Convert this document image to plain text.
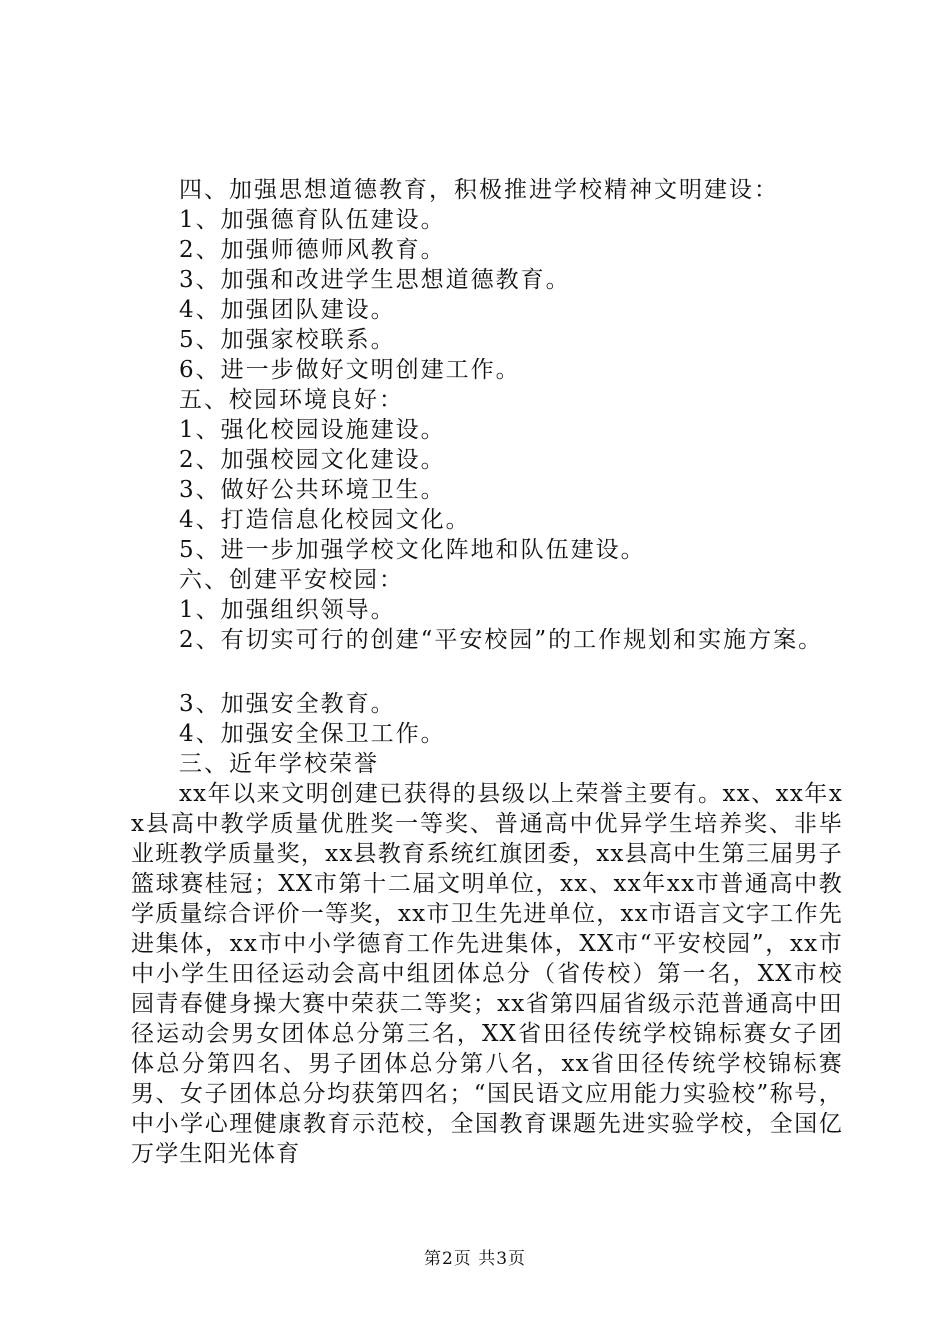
四、加强思想道德教育，积极推进学校精神文明建设：
1、加强德育队伍建设。
2、加强师德师风教育。
3、加强和改进学生思想道德教育。
4、加强团队建设。
5、加强家校联系。
6、进一步做好文明创建工作。
五、校园环境良好：
1、强化校园设施建设。
2、加强校园文化建设。
3、做好公共环境卫生。
4、打造信息化校园文化。
5、进一步加强学校文化阵地和队伍建设。
六、创建平安校园：
1、加强组织领导。
2、有切实可行的创建“平安校园”的工作规划和实施方案。
3、加强安全教育。
4、加强安全保卫工作。
三、近年学校荣誉

xx年以来文明创建已获得的县级以上荣誉主要有。xx、xx年xx县高中教学质量优胜奖一等奖、普通高中优异学生培养奖、非毕业班教学质量奖，xx县教育系统红旗团委，xx县高中生第三届男子篮球赛桂冠；XX市第十二届文明单位，xx、xx年xx市普通高中教学质量综合评价一等奖，xx市卫生先进单位，xx市语言文字工作先进集体，xx市中小学德育工作先进集体，XX市“平安校园”，xx市中小学生田径运动会高中组团体总分（省传校）第一名，XX市校园青春健身操大赛中荣获二等奖；xx省第四届省级示范普通高中田径运动会男女团体总分第三名，XX省田径传统学校锦标赛女子团体总分第四名、男子团体总分第八名，xx省田径传统学校锦标赛男、女子团体总分均获第四名；“国民语文应用能力实验校”称号，中小学心理健康教育示范校，全国教育课题先进实验学校，全国亿万学生阳光体育

第2页 共3页
